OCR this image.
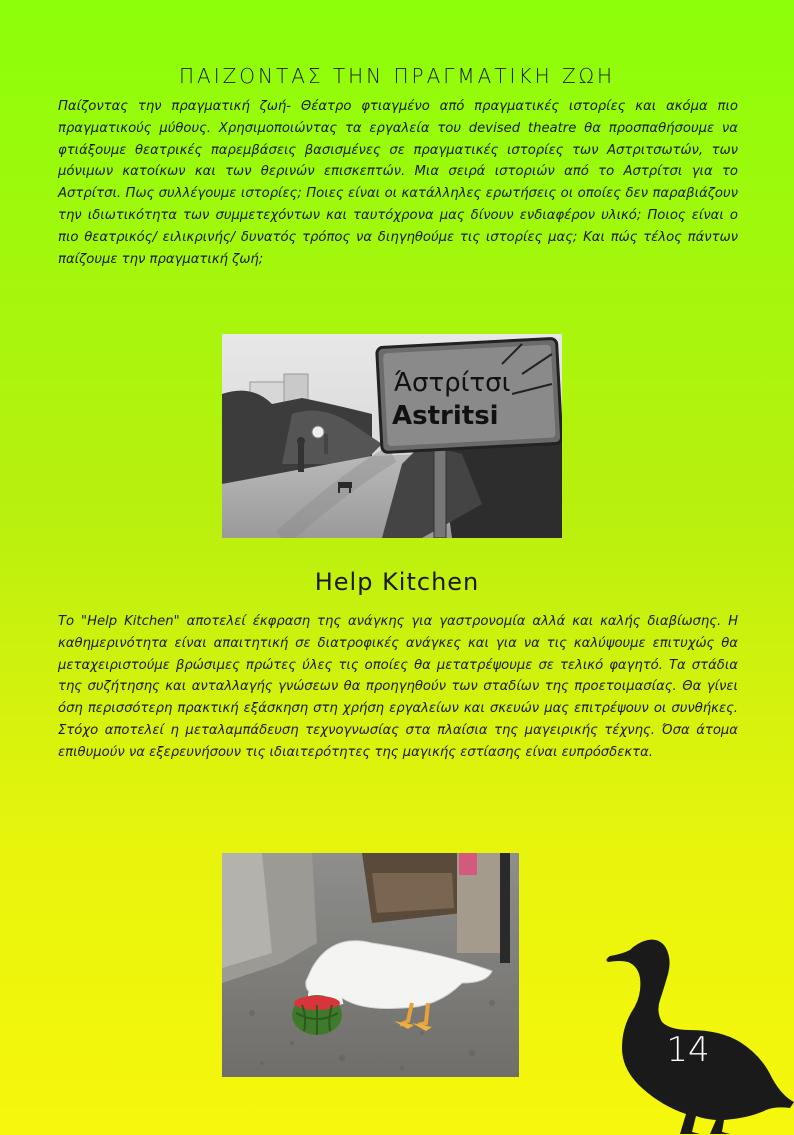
ΠΑΙΖΟΝΤΑΣ ΤΗΝ ΠΡΑΓΜΑΤΙΚΗ ΖΩΗ
Παίζοντας την πραγματική ζωή- Θέατρο φτιαγμένο από πραγματικές ιστορίες και ακόμα πιο πραγματικούς μύθους. Χρησιμοποιώντας τα εργαλεία του devised theatre θα προσπαθήσουμε να φτιάξουμε θεατρικές παρεμβάσεις βασισμένες σε πραγματικές ιστορίες των Αστριτσωτών, των μόνιμων κατοίκων και των θερινών επισκεπτών. Μια σειρά ιστοριών από το Αστρίτσι για το Αστρίτσι. Πως συλλέγουμε ιστορίες; Ποιες είναι οι κατάλληλες ερωτήσεις οι οποίες δεν παραβιάζουν την ιδιωτικότητα των συμμετεχόντων και ταυτόχρονα μας δίνουν ενδιαφέρον υλικό; Ποιος είναι ο πιο θεατρικός/ ειλικρινής/ δυνατός τρόπος να διηγηθούμε τις ιστορίες μας; Και πώς τέλος πάντων παίζουμε την πραγματική ζωή;
Άστρίτσι
Astritsi
Help Kitchen
Το "Help Kitchen" αποτελεί έκφραση της ανάγκης για γαστρονομία αλλά και καλής διαβίωσης. Η καθημερινότητα είναι απαιτητική σε διατροφικές ανάγκες και για να τις καλύψουμε επιτυχώς θα μεταχειριστούμε βρώσιμες πρώτες ύλες τις οποίες θα μετατρέψουμε σε τελικό φαγητό. Τα στάδια της συζήτησης και ανταλλαγής γνώσεων θα προηγηθούν των σταδίων της προετοιμασίας. Θα γίνει όση περισσότερη πρακτική εξάσκηση στη χρήση εργαλείων και σκευών μας επιτρέψουν οι συνθήκες. Στόχο αποτελεί η μεταλαμπάδευση τεχνογνωσίας στα πλαίσια της μαγειρικής τέχνης. Όσα άτομα επιθυμούν να εξερευνήσουν τις ιδιαιτερότητες της μαγικής εστίασης είναι ευπρόσδεκτα.
14
